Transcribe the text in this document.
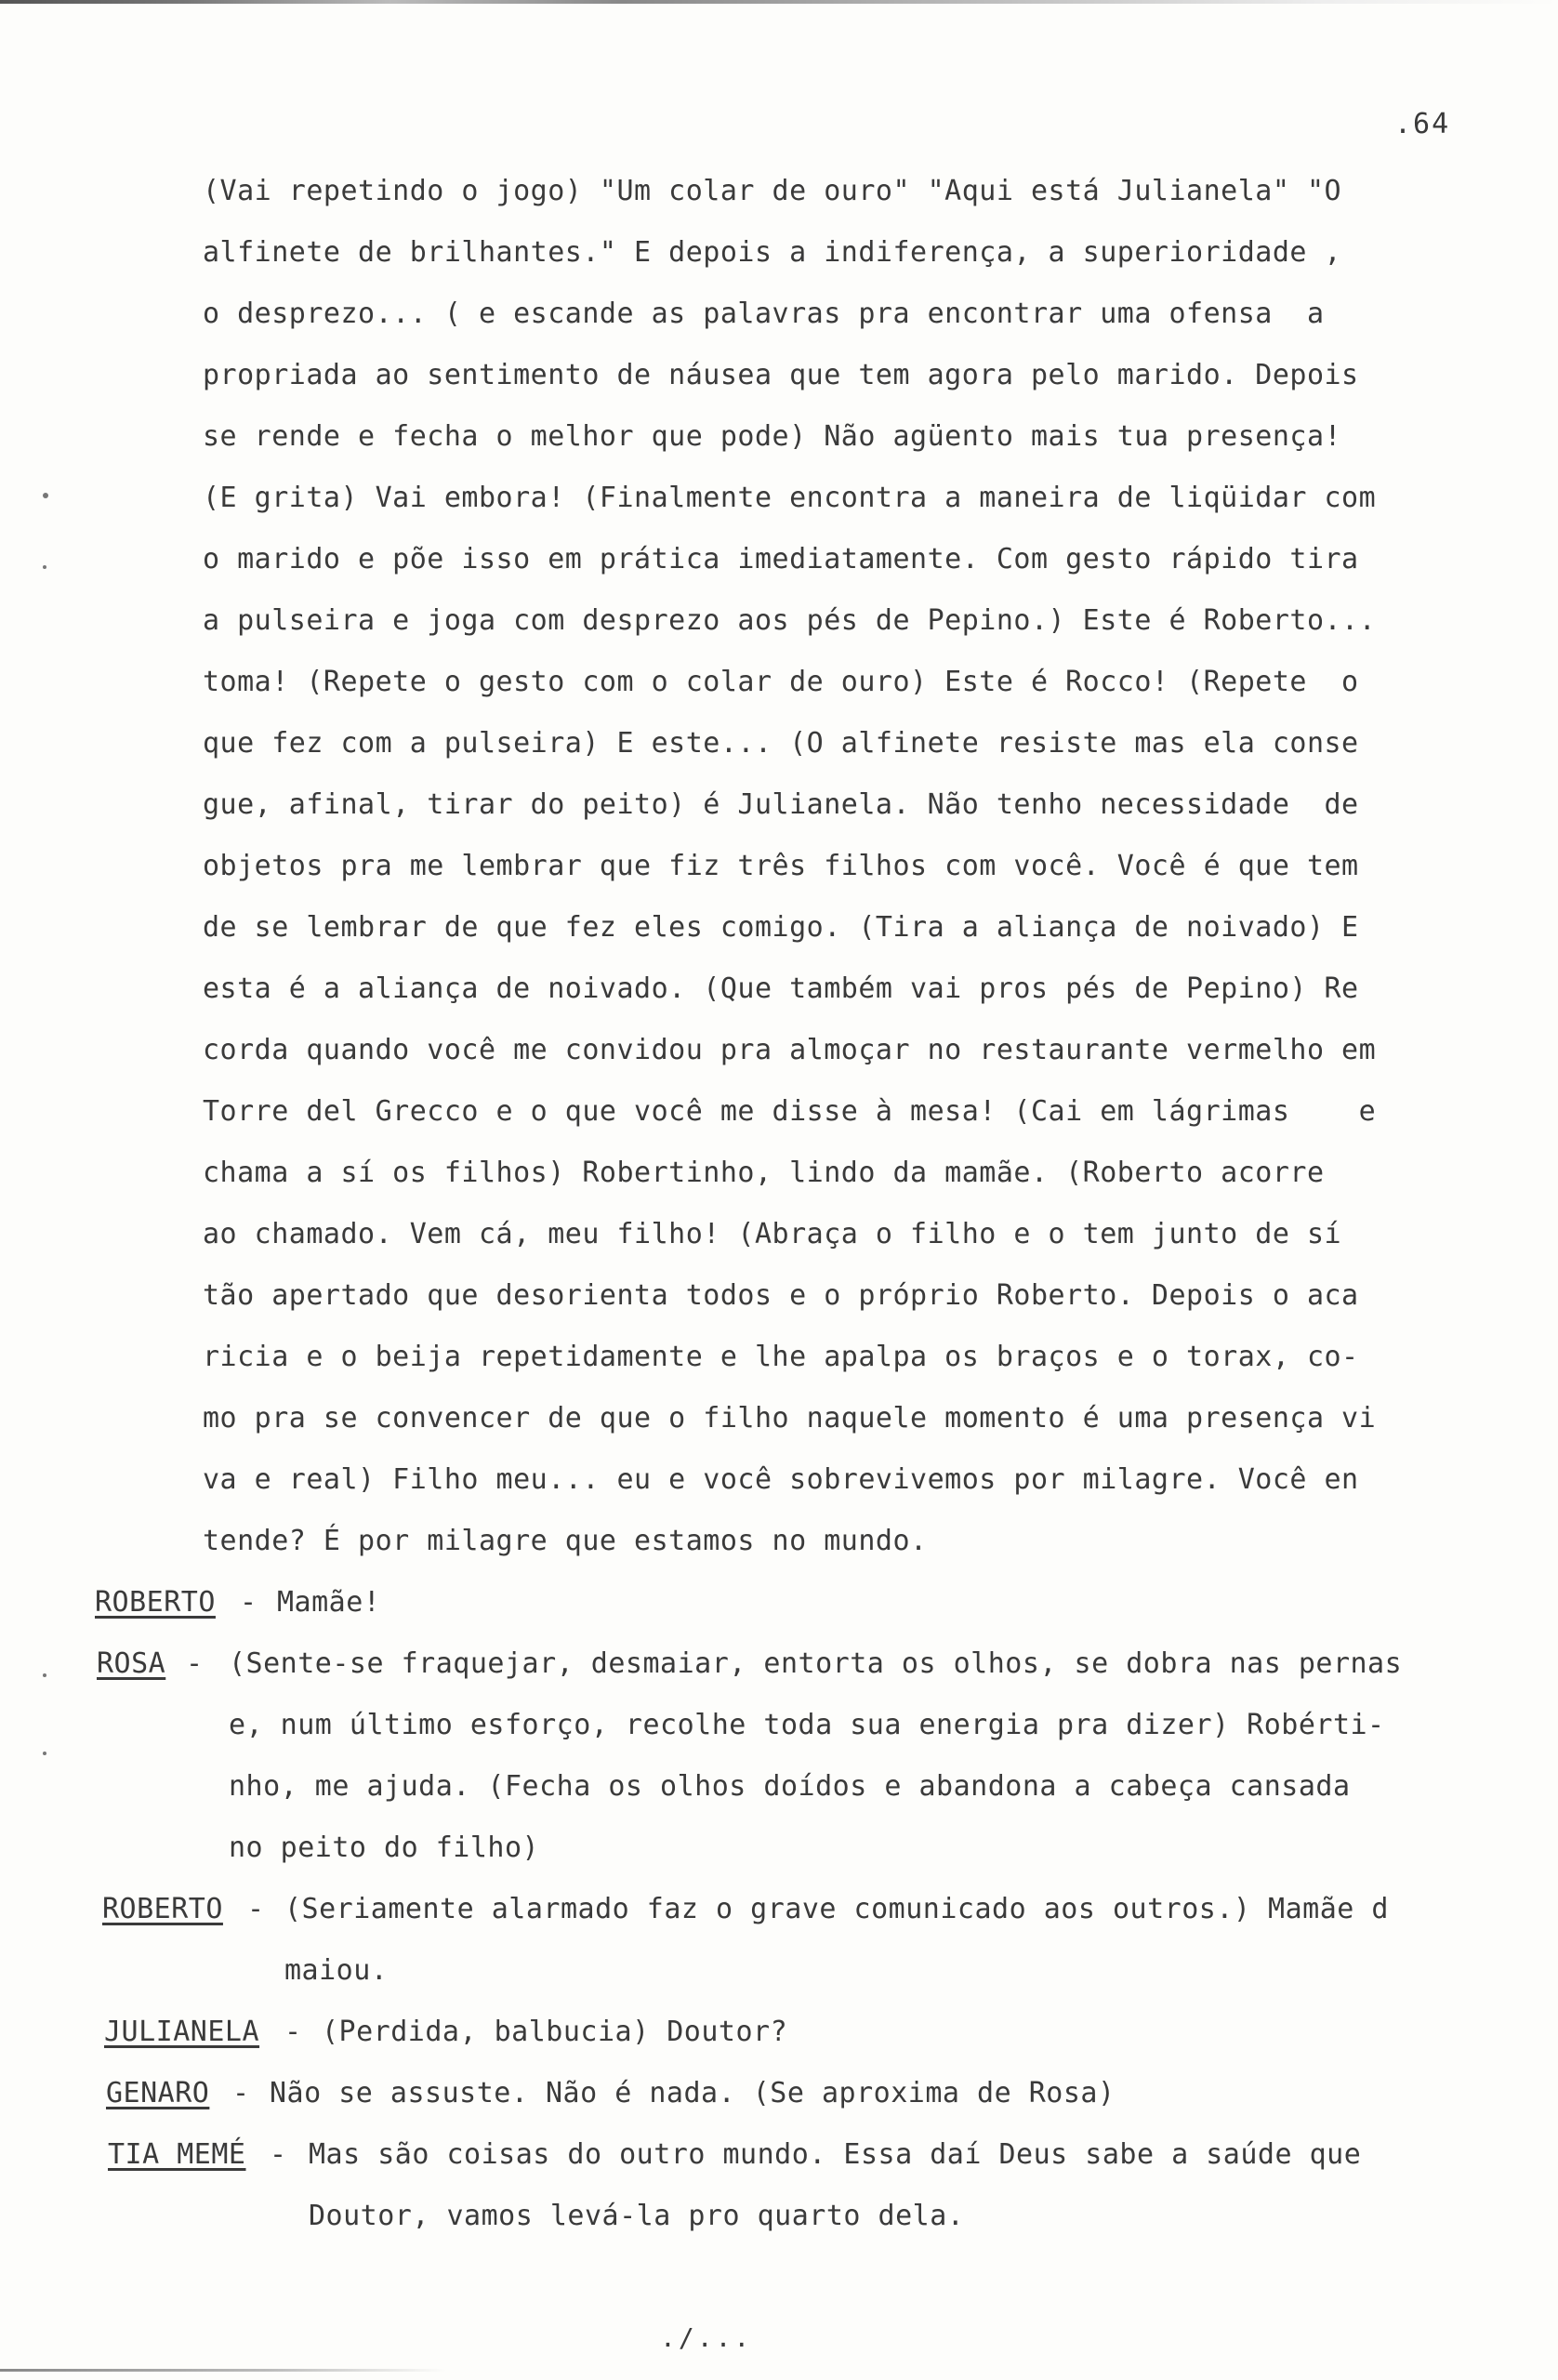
.64
(Vai repetindo o jogo) "Um colar de ouro" "Aqui está Julianela" "O
alfinete de brilhantes." E depois a indiferença, a superioridade ,
o desprezo... ( e escande as palavras pra encontrar uma ofensa  a
propriada ao sentimento de náusea que tem agora pelo marido. Depois
se rende e fecha o melhor que pode) Não agüento mais tua presença!
(E grita) Vai embora! (Finalmente encontra a maneira de liqüidar com
o marido e põe isso em prática imediatamente. Com gesto rápido tira
a pulseira e joga com desprezo aos pés de Pepino.) Este é Roberto...
toma! (Repete o gesto com o colar de ouro) Este é Rocco! (Repete  o
que fez com a pulseira) E este... (O alfinete resiste mas ela conse
gue, afinal, tirar do peito) é Julianela. Não tenho necessidade  de
objetos pra me lembrar que fiz três filhos com você. Você é que tem
de se lembrar de que fez eles comigo. (Tira a aliança de noivado) E
esta é a aliança de noivado. (Que também vai pros pés de Pepino) Re
corda quando você me convidou pra almoçar no restaurante vermelho em
Torre del Grecco e o que você me disse à mesa! (Cai em lágrimas    e
chama a sí os filhos) Robertinho, lindo da mamãe. (Roberto acorre
ao chamado. Vem cá, meu filho! (Abraça o filho e o tem junto de sí
tão apertado que desorienta todos e o próprio Roberto. Depois o aca
ricia e o beija repetidamente e lhe apalpa os braços e o torax, co-
mo pra se convencer de que o filho naquele momento é uma presença vi
va e real) Filho meu... eu e você sobrevivemos por milagre. Você en
tende? É por milagre que estamos no mundo.
ROBERTO - Mamãe!
ROSA - (Sente-se fraquejar, desmaiar, entorta os olhos, se dobra nas pernas
e, num último esforço, recolhe toda sua energia pra dizer) Robérti-
nho, me ajuda. (Fecha os olhos doídos e abandona a cabeça cansada
no peito do filho)
ROBERTO - (Seriamente alarmado faz o grave comunicado aos outros.) Mamãe d
maiou.
JULIANELA - (Perdida, balbucia) Doutor?
GENARO - Não se assuste. Não é nada. (Se aproxima de Rosa)
TIA MEMÉ - Mas são coisas do outro mundo. Essa daí Deus sabe a saúde que
Doutor, vamos levá-la pro quarto dela.
./...
